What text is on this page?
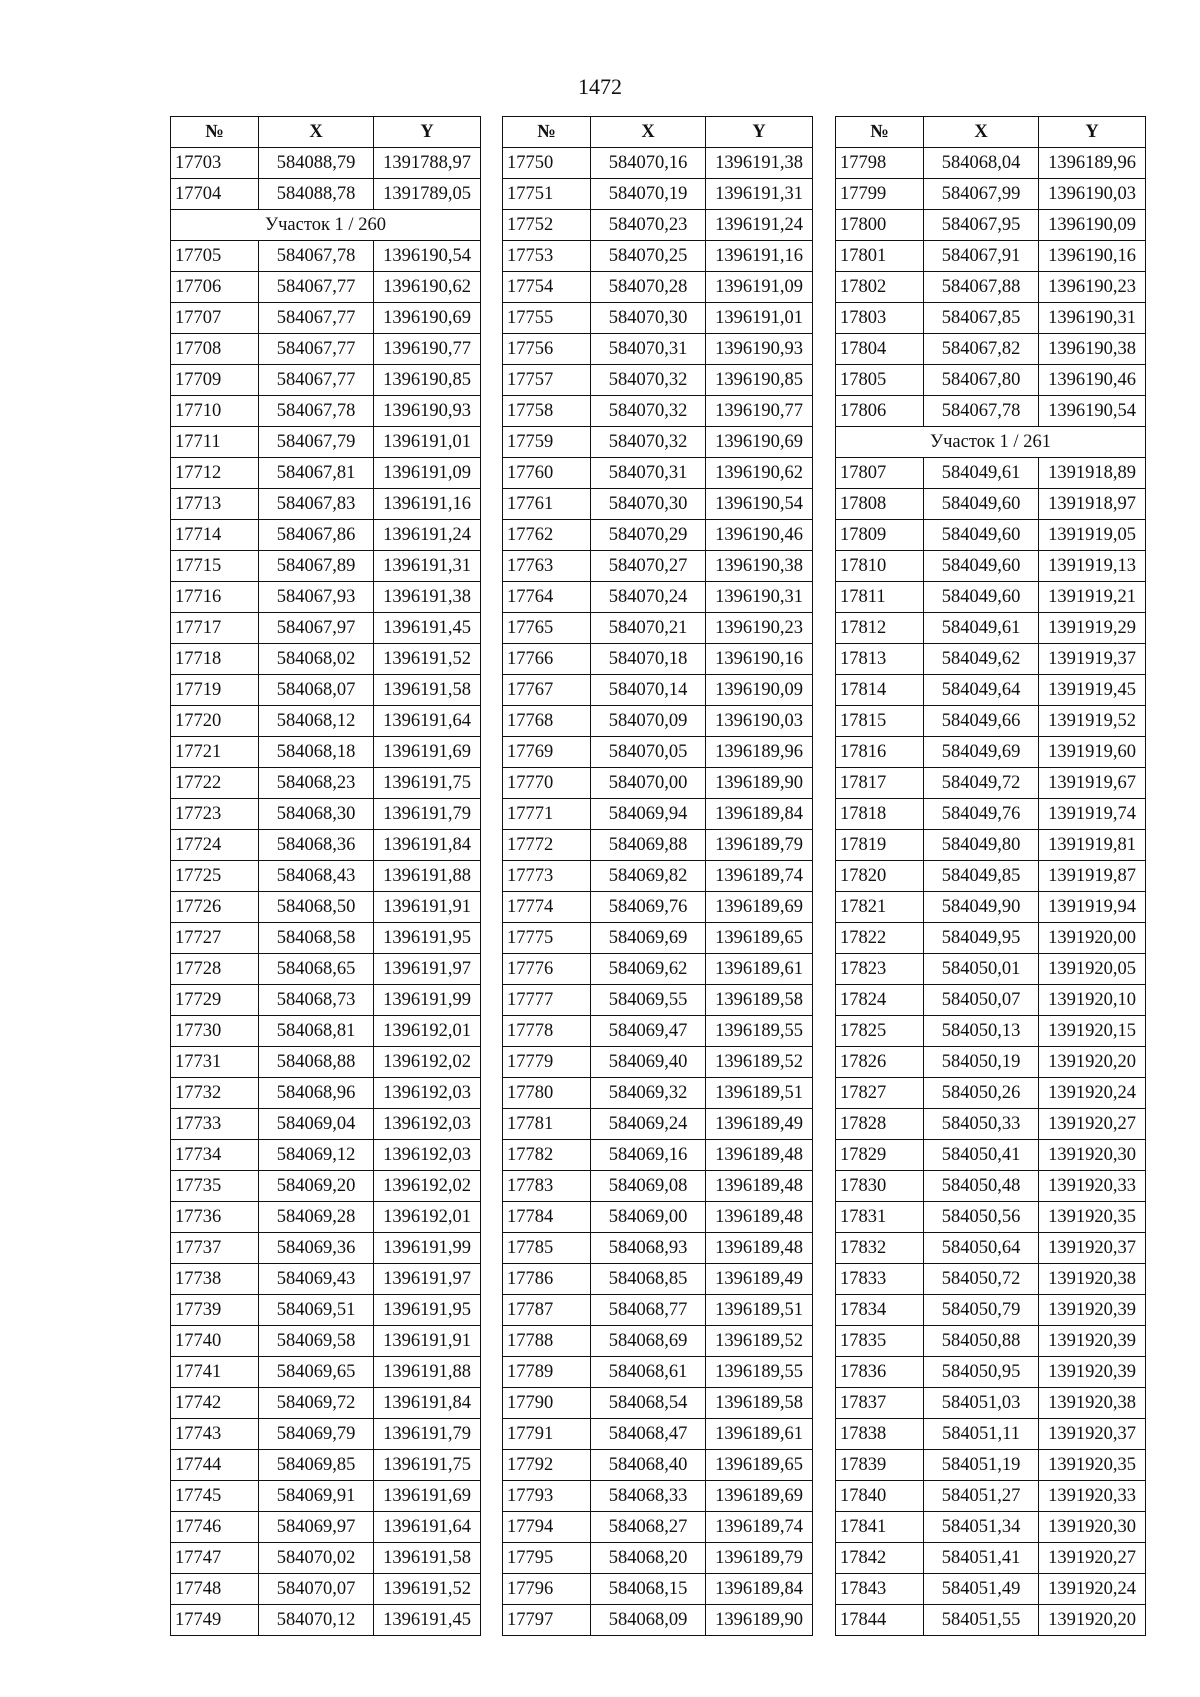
1472
№	X	Y
17703	584088,79	1391788,97
17704	584088,78	1391789,05
Участок 1 / 260		
17705	584067,78	1396190,54
17706	584067,77	1396190,62
17707	584067,77	1396190,69
17708	584067,77	1396190,77
17709	584067,77	1396190,85
17710	584067,78	1396190,93
17711	584067,79	1396191,01
17712	584067,81	1396191,09
17713	584067,83	1396191,16
17714	584067,86	1396191,24
17715	584067,89	1396191,31
17716	584067,93	1396191,38
17717	584067,97	1396191,45
17718	584068,02	1396191,52
17719	584068,07	1396191,58
17720	584068,12	1396191,64
17721	584068,18	1396191,69
17722	584068,23	1396191,75
17723	584068,30	1396191,79
17724	584068,36	1396191,84
17725	584068,43	1396191,88
17726	584068,50	1396191,91
17727	584068,58	1396191,95
17728	584068,65	1396191,97
17729	584068,73	1396191,99
17730	584068,81	1396192,01
17731	584068,88	1396192,02
17732	584068,96	1396192,03
17733	584069,04	1396192,03
17734	584069,12	1396192,03
17735	584069,20	1396192,02
17736	584069,28	1396192,01
17737	584069,36	1396191,99
17738	584069,43	1396191,97
17739	584069,51	1396191,95
17740	584069,58	1396191,91
17741	584069,65	1396191,88
17742	584069,72	1396191,84
17743	584069,79	1396191,79
17744	584069,85	1396191,75
17745	584069,91	1396191,69
17746	584069,97	1396191,64
17747	584070,02	1396191,58
17748	584070,07	1396191,52
17749	584070,12	1396191,45
№	X	Y
17750	584070,16	1396191,38
17751	584070,19	1396191,31
17752	584070,23	1396191,24
17753	584070,25	1396191,16
17754	584070,28	1396191,09
17755	584070,30	1396191,01
17756	584070,31	1396190,93
17757	584070,32	1396190,85
17758	584070,32	1396190,77
17759	584070,32	1396190,69
17760	584070,31	1396190,62
17761	584070,30	1396190,54
17762	584070,29	1396190,46
17763	584070,27	1396190,38
17764	584070,24	1396190,31
17765	584070,21	1396190,23
17766	584070,18	1396190,16
17767	584070,14	1396190,09
17768	584070,09	1396190,03
17769	584070,05	1396189,96
17770	584070,00	1396189,90
17771	584069,94	1396189,84
17772	584069,88	1396189,79
17773	584069,82	1396189,74
17774	584069,76	1396189,69
17775	584069,69	1396189,65
17776	584069,62	1396189,61
17777	584069,55	1396189,58
17778	584069,47	1396189,55
17779	584069,40	1396189,52
17780	584069,32	1396189,51
17781	584069,24	1396189,49
17782	584069,16	1396189,48
17783	584069,08	1396189,48
17784	584069,00	1396189,48
17785	584068,93	1396189,48
17786	584068,85	1396189,49
17787	584068,77	1396189,51
17788	584068,69	1396189,52
17789	584068,61	1396189,55
17790	584068,54	1396189,58
17791	584068,47	1396189,61
17792	584068,40	1396189,65
17793	584068,33	1396189,69
17794	584068,27	1396189,74
17795	584068,20	1396189,79
17796	584068,15	1396189,84
17797	584068,09	1396189,90
№	X	Y
17798	584068,04	1396189,96
17799	584067,99	1396190,03
17800	584067,95	1396190,09
17801	584067,91	1396190,16
17802	584067,88	1396190,23
17803	584067,85	1396190,31
17804	584067,82	1396190,38
17805	584067,80	1396190,46
17806	584067,78	1396190,54
Участок 1 / 261		
17807	584049,61	1391918,89
17808	584049,60	1391918,97
17809	584049,60	1391919,05
17810	584049,60	1391919,13
17811	584049,60	1391919,21
17812	584049,61	1391919,29
17813	584049,62	1391919,37
17814	584049,64	1391919,45
17815	584049,66	1391919,52
17816	584049,69	1391919,60
17817	584049,72	1391919,67
17818	584049,76	1391919,74
17819	584049,80	1391919,81
17820	584049,85	1391919,87
17821	584049,90	1391919,94
17822	584049,95	1391920,00
17823	584050,01	1391920,05
17824	584050,07	1391920,10
17825	584050,13	1391920,15
17826	584050,19	1391920,20
17827	584050,26	1391920,24
17828	584050,33	1391920,27
17829	584050,41	1391920,30
17830	584050,48	1391920,33
17831	584050,56	1391920,35
17832	584050,64	1391920,37
17833	584050,72	1391920,38
17834	584050,79	1391920,39
17835	584050,88	1391920,39
17836	584050,95	1391920,39
17837	584051,03	1391920,38
17838	584051,11	1391920,37
17839	584051,19	1391920,35
17840	584051,27	1391920,33
17841	584051,34	1391920,30
17842	584051,41	1391920,27
17843	584051,49	1391920,24
17844	584051,55	1391920,20
